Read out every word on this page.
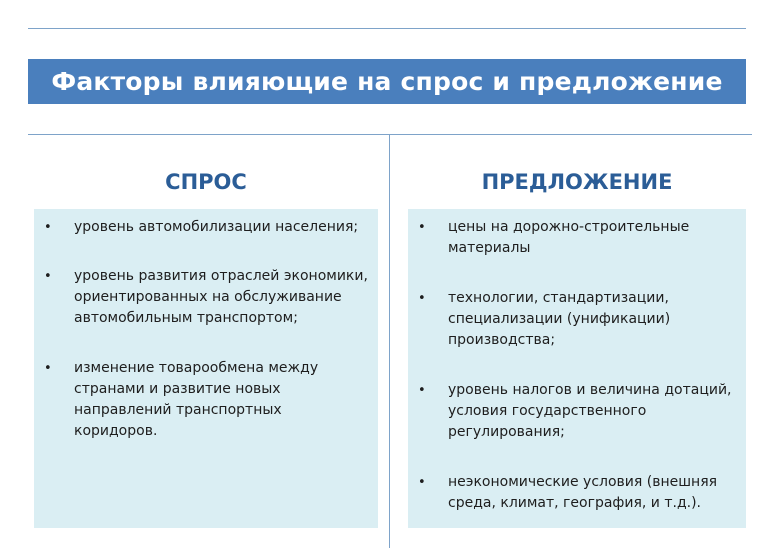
Факторы влияющие на спрос и предложение
СПРОС	ПРЕДЛОЖЕНИЕ
•	уровень автомобилизации населения;
•	уровень развития отраслей экономики, ориентированных на обслуживание автомобильным транспортом;
•	изменение товарообмена между странами и развитие новых направлений транспортных коридоров.
•	цены на дорожно-строительные материалы
•	технологии, стандартизации, специализации (унификации) производства;
•	уровень налогов и величина дотаций, условия государственного регулирования;
•	неэкономические условия (внешняя среда, климат, география, и т.д.).
